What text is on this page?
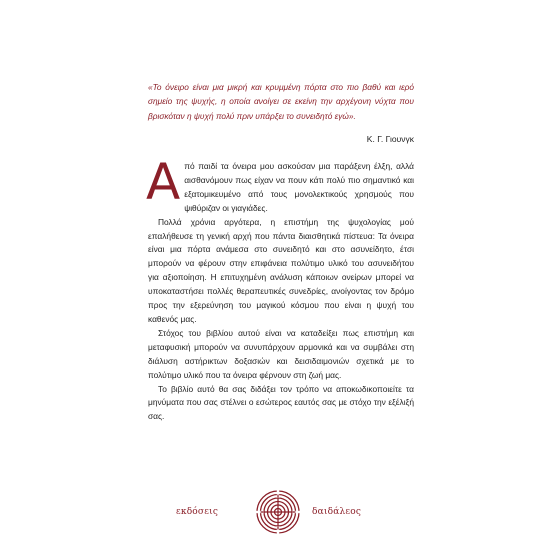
«Το όνειρο είναι μια μικρή και κρυμμένη πόρτα στο πιο βαθύ και ιερό σημείο της ψυχής, η οποία ανοίγει σε εκείνη την αρχέγονη νύχτα που βρισκόταν η ψυχή πολύ πριν υπάρξει το συνειδητό εγώ».
Κ. Γ. Γιουνγκ

Από παιδί τα όνειρα μου ασκούσαν μια παράξενη έλξη, αλλά αισθανόμουν πως είχαν να πουν κάτι πολύ πιο σημαντικό και εξατομικευμένο από τους μονολεκτικούς χρησμούς που ψιθύριζαν οι γιαγιάδες.

Πολλά χρόνια αργότερα, η επιστήμη της ψυχολογίας μού επαλήθευσε τη γενική αρχή που πάντα διαισθητικά πίστευα: Τα όνειρα είναι μια πόρτα ανάμεσα στο συνειδητό και στο ασυνείδητο, έτσι μπορούν να φέρουν στην επιφάνεια πολύτιμο υλικό του ασυνειδήτου για αξιοποίηση. Η επιτυχημένη ανάλυση κάποιων ονείρων μπορεί να υποκαταστήσει πολλές θεραπευτικές συνεδρίες, ανοίγοντας τον δρόμο προς την εξερεύνηση του μαγικού κόσμου που είναι η ψυχή του καθενός μας.

Στόχος του βιβλίου αυτού είναι να καταδείξει πως επιστήμη και μεταφυσική μπορούν να συνυπάρχουν αρμονικά και να συμβάλει στη διάλυση αστήρικτων δοξασιών και δεισιδαιμονιών σχετικά με το πολύτιμο υλικό που τα όνειρα φέρνουν στη ζωή μας.

Το βιβλίο αυτό θα σας διδάξει τον τρόπο να αποκωδικοποιείτε τα μηνύματα που σας στέλνει ο εσώτερος εαυτός σας με στόχο την εξέλιξή σας.

εκδόσεις	δαιδάλεος
